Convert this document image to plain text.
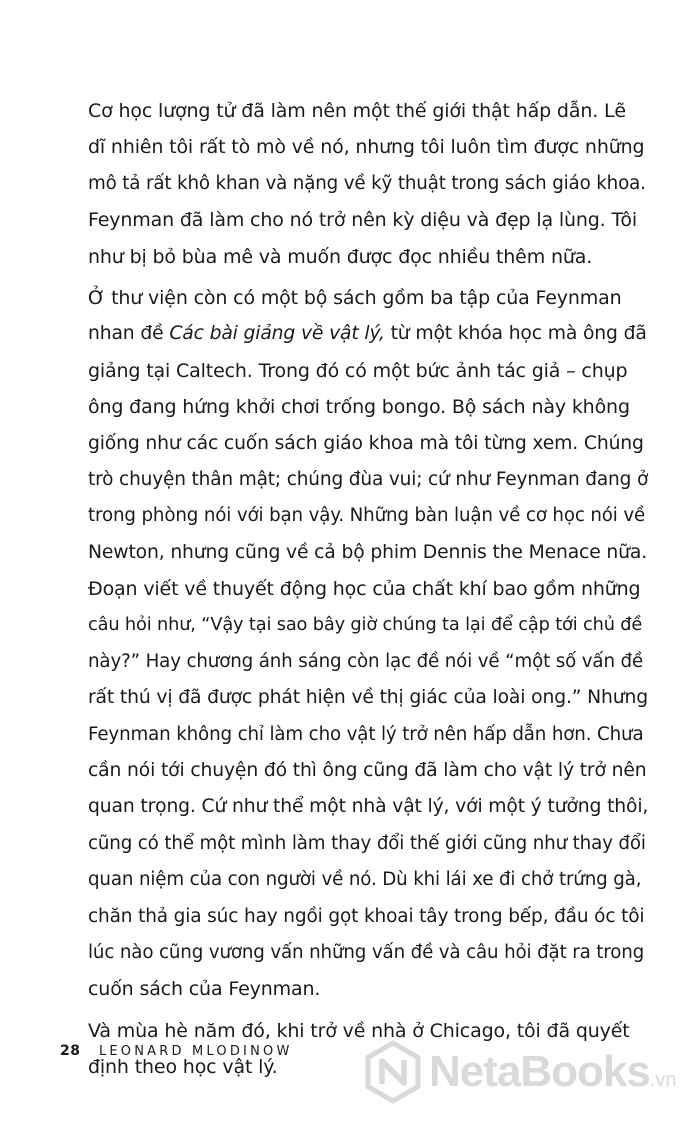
Cơ học lượng tử đã làm nên một thế giới thật hấp dẫn. Lẽ
dĩ nhiên tôi rất tò mò về nó, nhưng tôi luôn tìm được những
mô tả rất khô khan và nặng về kỹ thuật trong sách giáo khoa.
Feynman đã làm cho nó trở nên kỳ diệu và đẹp lạ lùng. Tôi
như bị bỏ bùa mê và muốn được đọc nhiều thêm nữa.
Ở thư viện còn có một bộ sách gồm ba tập của Feynman
nhan đề Các bài giảng về vật lý, từ một khóa học mà ông đã
giảng tại Caltech. Trong đó có một bức ảnh tác giả – chụp
ông đang hứng khởi chơi trống bongo. Bộ sách này không
giống như các cuốn sách giáo khoa mà tôi từng xem. Chúng
trò chuyện thân mật; chúng đùa vui; cứ như Feynman đang ở
trong phòng nói với bạn vậy. Những bàn luận về cơ học nói về
Newton, nhưng cũng về cả bộ phim Dennis the Menace nữa.
Đoạn viết về thuyết động học của chất khí bao gồm những
câu hỏi như, “Vậy tại sao bây giờ chúng ta lại để cập tới chủ đề
này?” Hay chương ánh sáng còn lạc đề nói về “một số vấn đề
rất thú vị đã được phát hiện về thị giác của loài ong.” Nhưng
Feynman không chỉ làm cho vật lý trở nên hấp dẫn hơn. Chưa
cần nói tới chuyện đó thì ông cũng đã làm cho vật lý trở nên
quan trọng. Cứ như thể một nhà vật lý, với một ý tưởng thôi,
cũng có thể một mình làm thay đổi thế giới cũng như thay đổi
quan niệm của con người về nó. Dù khi lái xe đi chở trứng gà,
chăn thả gia súc hay ngồi gọt khoai tây trong bếp, đầu óc tôi
lúc nào cũng vương vấn những vấn đề và câu hỏi đặt ra trong
cuốn sách của Feynman.
Và mùa hè năm đó, khi trở về nhà ở Chicago, tôi đã quyết
định theo học vật lý.
28 LEONARD MLODINOW	NetaBooks.vn
